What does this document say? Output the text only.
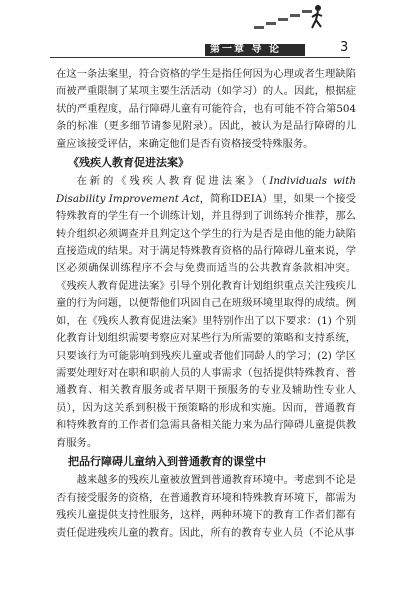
第一章 导 论	3

在这一条法案里，符合资格的学生是指任何因为心理或者生理缺陷而被严重限制了某项主要生活活动（如学习）的人。因此，根据症状的严重程度，品行障碍儿童有可能符合，也有可能不符合第504条的标准（更多细节请参见附录）。因此，被认为是品行障碍的儿童应该接受评估，来确定他们是否有资格接受特殊服务。

《残疾人教育促进法案》

在新的《残疾人教育促进法案》（Individuals with Disability Improvement Act，简称IDEIA）里，如果一个接受特殊教育的学生有一个训练计划，并且得到了训练转介推荐，那么转介组织必须调查并且判定这个学生的行为是否是由他的能力缺陷直接造成的结果。对于满足特殊教育资格的品行障碍儿童来说，学区必须确保训练程序不会与免费而适当的公共教育条款相冲突。《残疾人教育促进法案》引导个别化教育计划组织重点关注残疾儿童的行为问题，以便帮他们巩固自己在班级环境里取得的成绩。例如，在《残疾人教育促进法案》里特别作出了以下要求：(1) 个别化教育计划组织需要考察应对某些行为所需要的策略和支持系统，只要该行为可能影响到残疾儿童或者他们同龄人的学习；(2) 学区需要处理好对在职和职前人员的人事需求（包括提供特殊教育、普通教育、相关教育服务或者早期干预服务的专业及辅助性专业人员），因为这关系到积极干预策略的形成和实施。因而，普通教育和特殊教育的工作者们急需具备相关能力来为品行障碍儿童提供教育服务。

把品行障碍儿童纳入到普通教育的课堂中

越来越多的残疾儿童被放置到普通教育环境中。考虑到不论是否有接受服务的资格，在普通教育环境和特殊教育环境下，都需为残疾儿童提供支持性服务，这样，两种环境下的教育工作者们都有责任促进残疾儿童的教育。因此，所有的教育专业人员（不论从事
